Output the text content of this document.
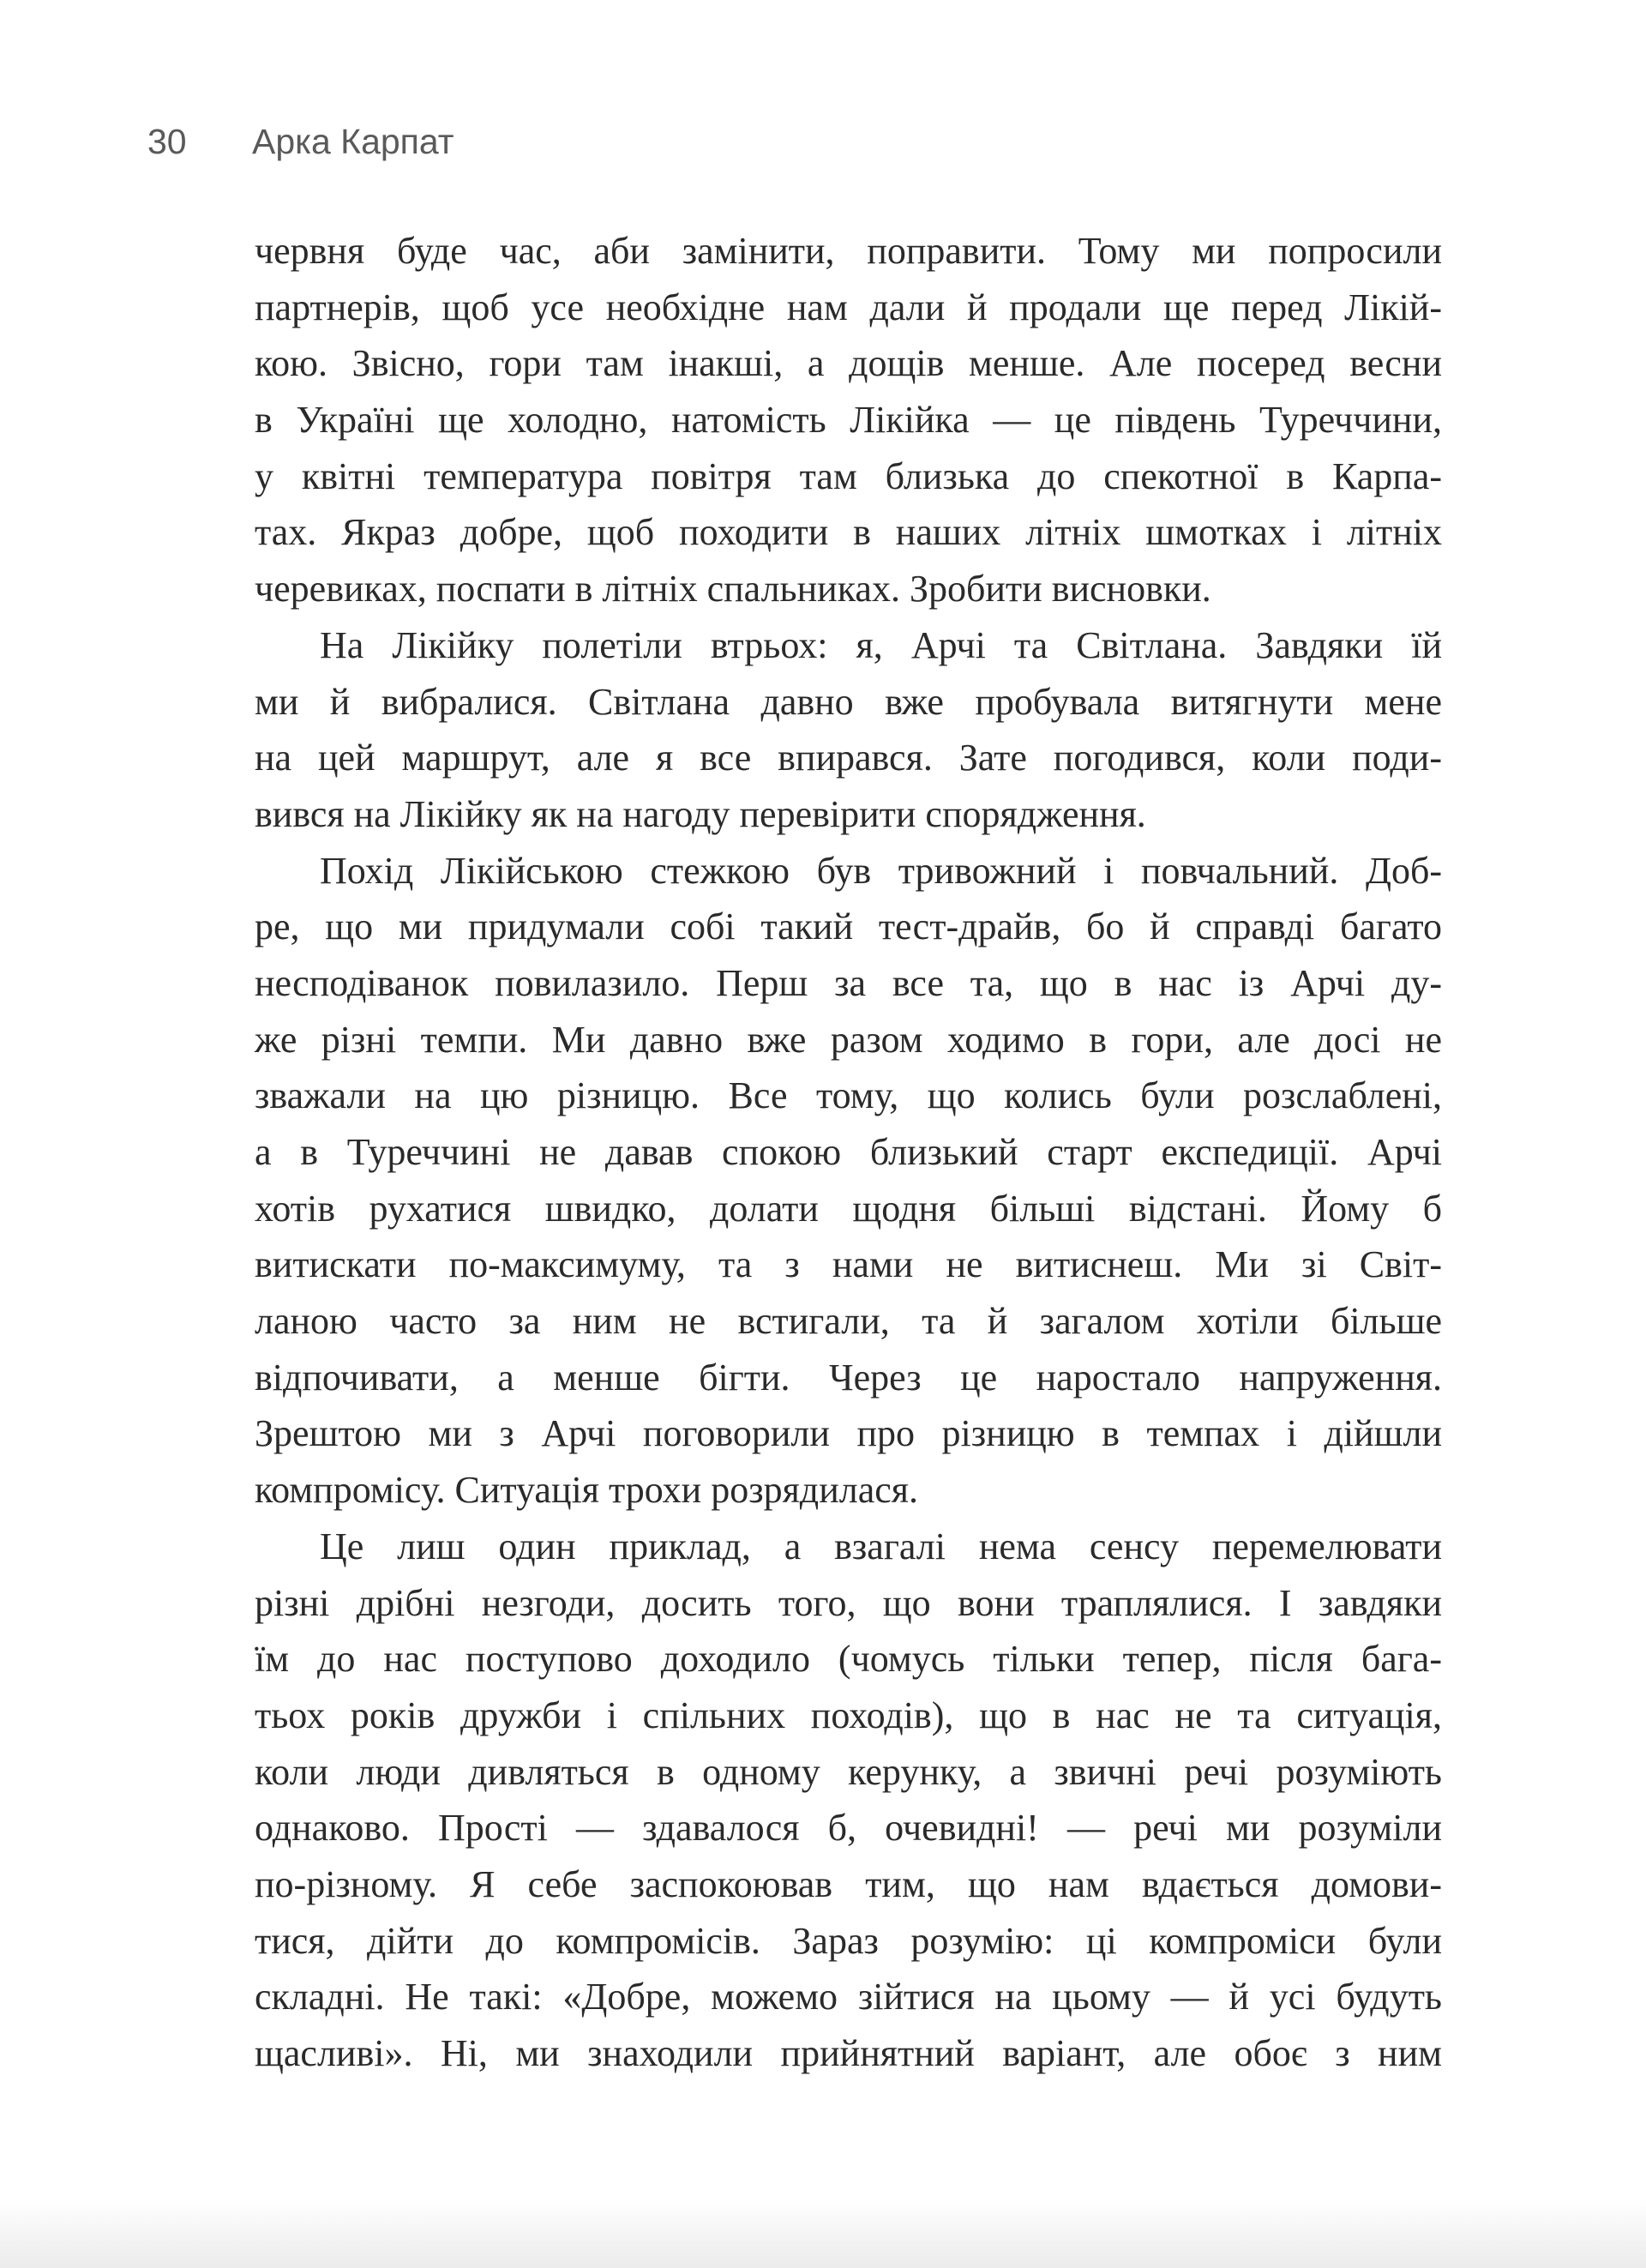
30 Арка Карпат
червня буде час, аби замінити, поправити. Тому ми попросили
партнерів, щоб усе необхідне нам дали й продали ще перед Лікій-
кою. Звісно, гори там інакші, а дощів менше. Але посеред весни
в Україні ще холодно, натомість Лікійка — це південь Туреччини,
у квітні температура повітря там близька до спекотної в Карпа-
тах. Якраз добре, щоб походити в наших літніх шмотках і літніх
черевиках, поспати в літніх спальниках. Зробити висновки.
На Лікійку полетіли втрьох: я, Арчі та Світлана. Завдяки їй
ми й вибралися. Світлана давно вже пробувала витягнути мене
на цей маршрут, але я все впирався. Зате погодився, коли поди-
вився на Лікійку як на нагоду перевірити спорядження.
Похід Лікійською стежкою був тривожний і повчальний. Доб-
ре, що ми придумали собі такий тест-драйв, бо й справді багато
несподіванок повилазило. Перш за все та, що в нас із Арчі ду-
же різні темпи. Ми давно вже разом ходимо в гори, але досі не
зважали на цю різницю. Все тому, що колись були розслаблені,
а в Туреччині не давав спокою близький старт експедиції. Арчі
хотів рухатися швидко, долати щодня більші відстані. Йому б
витискати по-максимуму, та з нами не витиснеш. Ми зі Світ-
ланою часто за ним не встигали, та й загалом хотіли більше
відпочивати, а менше бігти. Через це наростало напруження.
Зрештою ми з Арчі поговорили про різницю в темпах і дійшли
компромісу. Ситуація трохи розрядилася.
Це лиш один приклад, а взагалі нема сенсу перемелювати
різні дрібні незгоди, досить того, що вони траплялися. І завдяки
їм до нас поступово доходило (чомусь тільки тепер, після бага-
тьох років дружби і спільних походів), що в нас не та ситуація,
коли люди дивляться в одному керунку, а звичні речі розуміють
однаково. Прості — здавалося б, очевидні! — речі ми розуміли
по-різному. Я себе заспокоював тим, що нам вдається домови-
тися, дійти до компромісів. Зараз розумію: ці компроміси були
складні. Не такі: «Добре, можемо зійтися на цьому — й усі будуть
щасливі». Ні, ми знаходили прийнятний варіант, але обоє з ним
